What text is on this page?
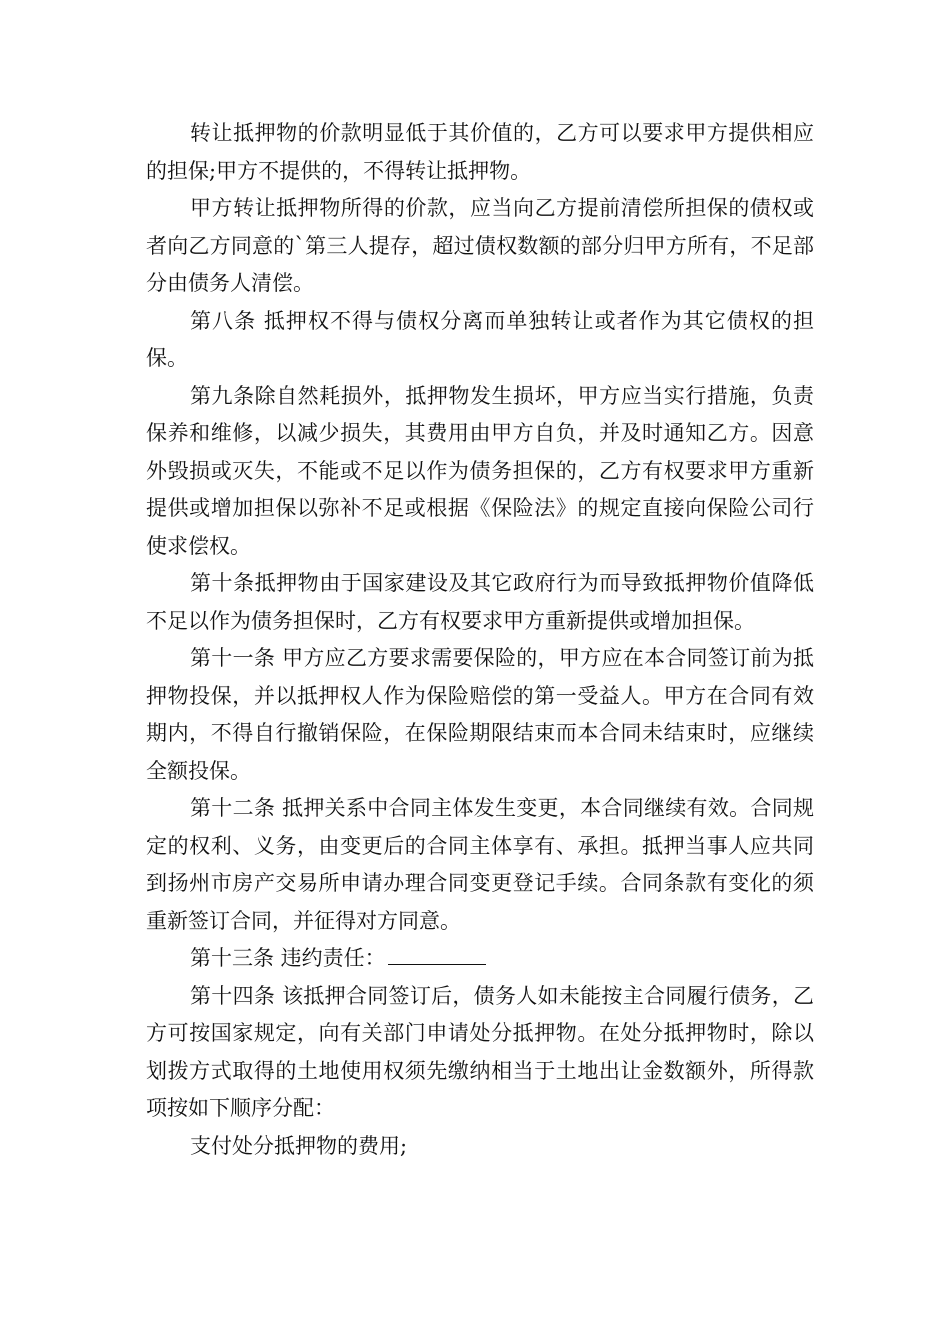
转让抵押物的价款明显低于其价值的，乙方可以要求甲方提供相应的担保;甲方不提供的，不得转让抵押物。

甲方转让抵押物所得的价款，应当向乙方提前清偿所担保的债权或者向乙方同意的`第三人提存，超过债权数额的部分归甲方所有，不足部分由债务人清偿。

第八条 抵押权不得与债权分离而单独转让或者作为其它债权的担保。

第九条除自然耗损外，抵押物发生损坏，甲方应当实行措施，负责保养和维修，以减少损失，其费用由甲方自负，并及时通知乙方。因意外毁损或灭失，不能或不足以作为债务担保的，乙方有权要求甲方重新提供或增加担保以弥补不足或根据《保险法》的规定直接向保险公司行使求偿权。

第十条抵押物由于国家建设及其它政府行为而导致抵押物价值降低不足以作为债务担保时，乙方有权要求甲方重新提供或增加担保。

第十一条 甲方应乙方要求需要保险的，甲方应在本合同签订前为抵押物投保，并以抵押权人作为保险赔偿的第一受益人。甲方在合同有效期内，不得自行撤销保险，在保险期限结束而本合同未结束时，应继续全额投保。

第十二条 抵押关系中合同主体发生变更，本合同继续有效。合同规定的权利、义务，由变更后的合同主体享有、承担。抵押当事人应共同到扬州市房产交易所申请办理合同变更登记手续。合同条款有变化的须重新签订合同，并征得对方同意。

第十三条 违约责任：

第十四条 该抵押合同签订后，债务人如未能按主合同履行债务，乙方可按国家规定，向有关部门申请处分抵押物。在处分抵押物时，除以划拨方式取得的土地使用权须先缴纳相当于土地出让金数额外，所得款项按如下顺序分配：

支付处分抵押物的费用;
